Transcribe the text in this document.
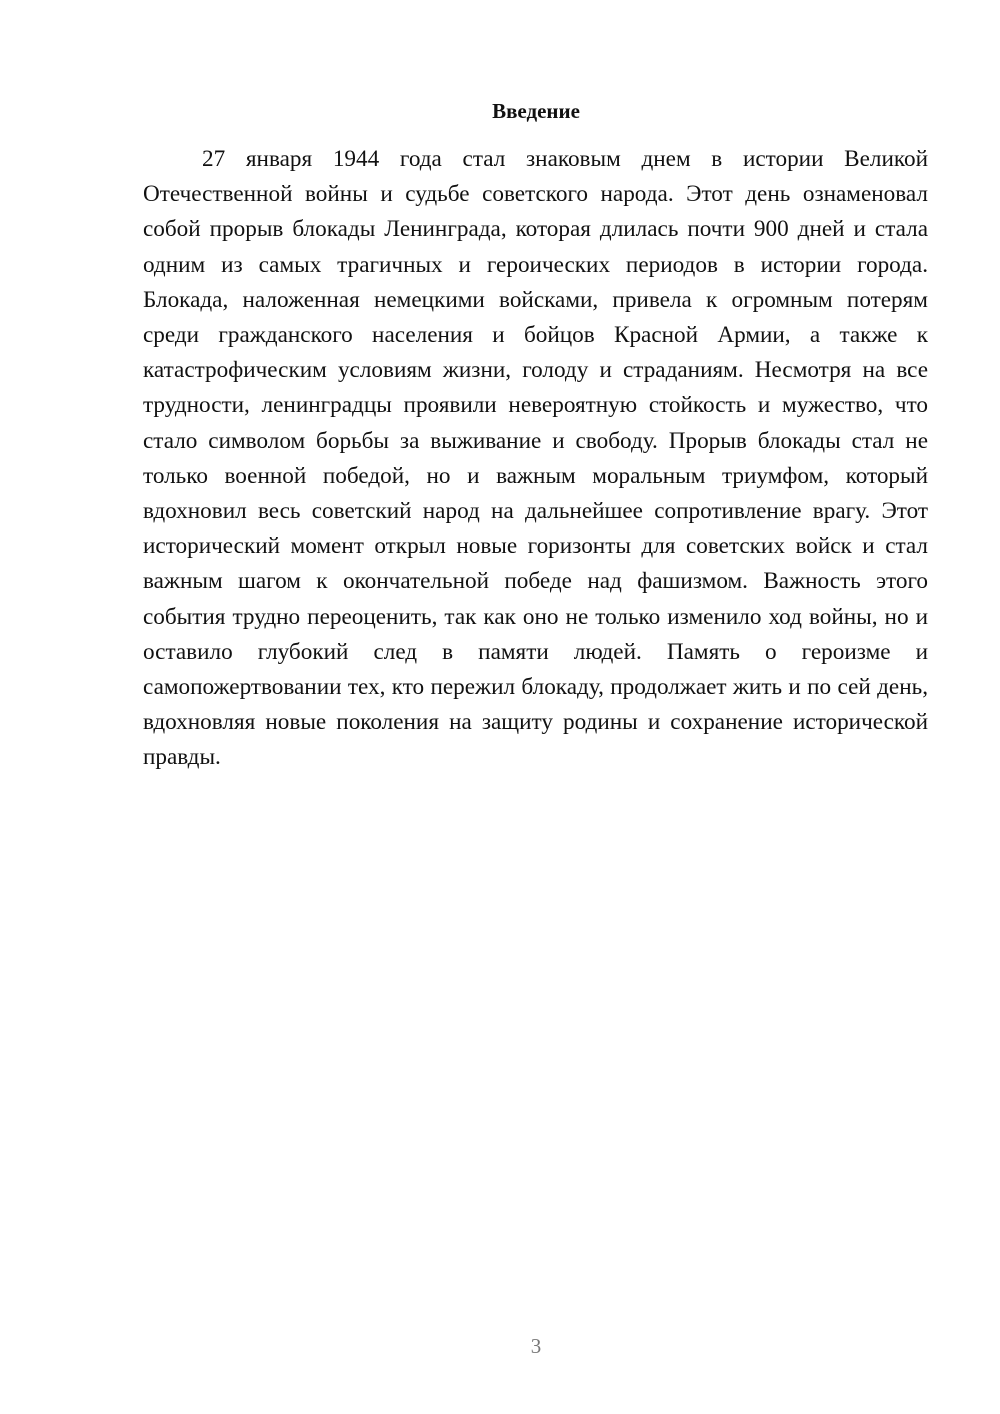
Введение

27 января 1944 года стал знаковым днем в истории Великой Отечественной войны и судьбе советского народа. Этот день ознаменовал собой прорыв блокады Ленинграда, которая длилась почти 900 дней и стала одним из самых трагичных и героических периодов в истории города. Блокада, наложенная немецкими войсками, привела к огромным потерям среди гражданского населения и бойцов Красной Армии, а также к катастрофическим условиям жизни, голоду и страданиям. Несмотря на все трудности, ленинградцы проявили невероятную стойкость и мужество, что стало символом борьбы за выживание и свободу. Прорыв блокады стал не только военной победой, но и важным моральным триумфом, который вдохновил весь советский народ на дальнейшее сопротивление врагу. Этот исторический момент открыл новые горизонты для советских войск и стал важным шагом к окончательной победе над фашизмом. Важность этого события трудно переоценить, так как оно не только изменило ход войны, но и оставило глубокий след в памяти людей. Память о героизме и самопожертвовании тех, кто пережил блокаду, продолжает жить и по сей день, вдохновляя новые поколения на защиту родины и сохранение исторической правды.

3
